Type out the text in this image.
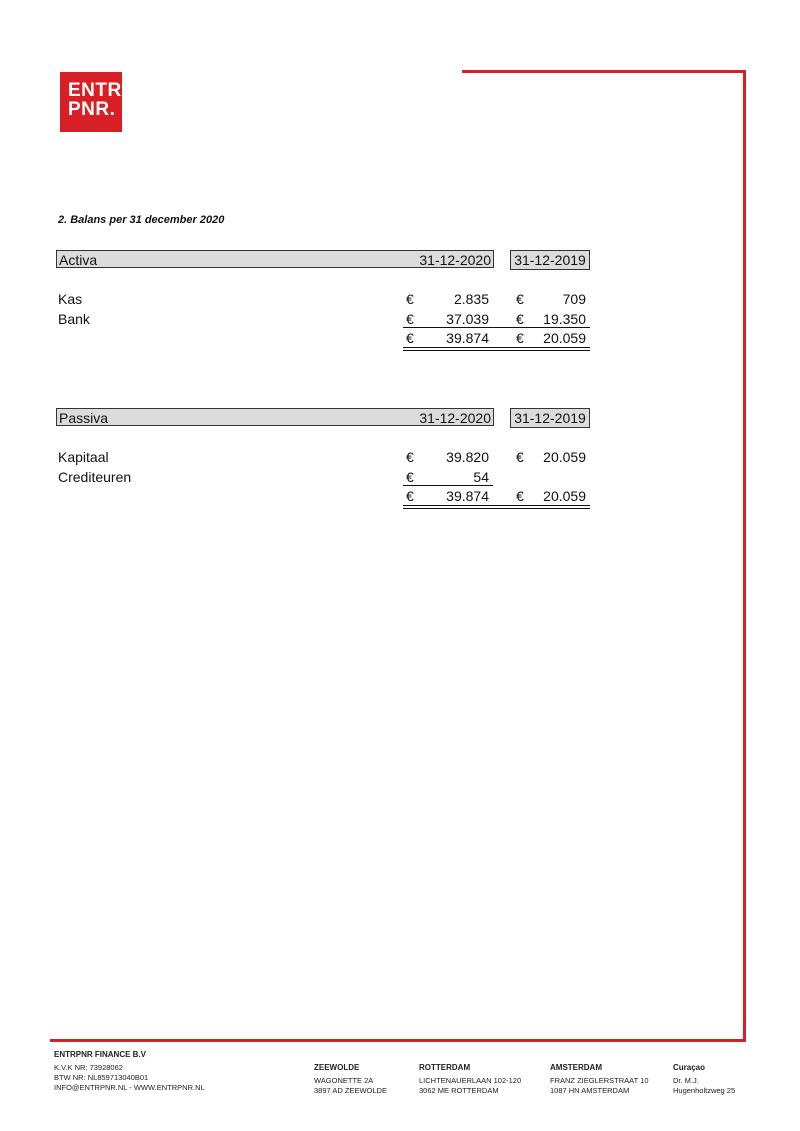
ENTR
PNR.
2. Balans per 31 december 2020
Activa	31-12-2020 31-12-2019
Kas	€	2.835 €	709
Bank	€ 37.039 € 19.350
€ 39.874 € 20.059
Passiva	31-12-2020 31-12-2019
Kapitaal	€ 39.820 € 20.059
Crediteuren	€	54
€ 39.874 € 20.059
ENTRPNR FINANCE B.V
K.V.K NR: 73928062
BTW NR: NL859713040B01
INFO@ENTRPNR.NL - WWW.ENTRPNR.NL
ZEEWOLDE
WAGONETTE 2A
3897 AD ZEEWOLDE
ROTTERDAM
LICHTENAUERLAAN 102-120
3062 ME ROTTERDAM
AMSTERDAM
FRANZ ZIEGLERSTRAAT 10
1087 HN AMSTERDAM
Curaçao
Dr. M.J.
Hugenholtzweg 25
